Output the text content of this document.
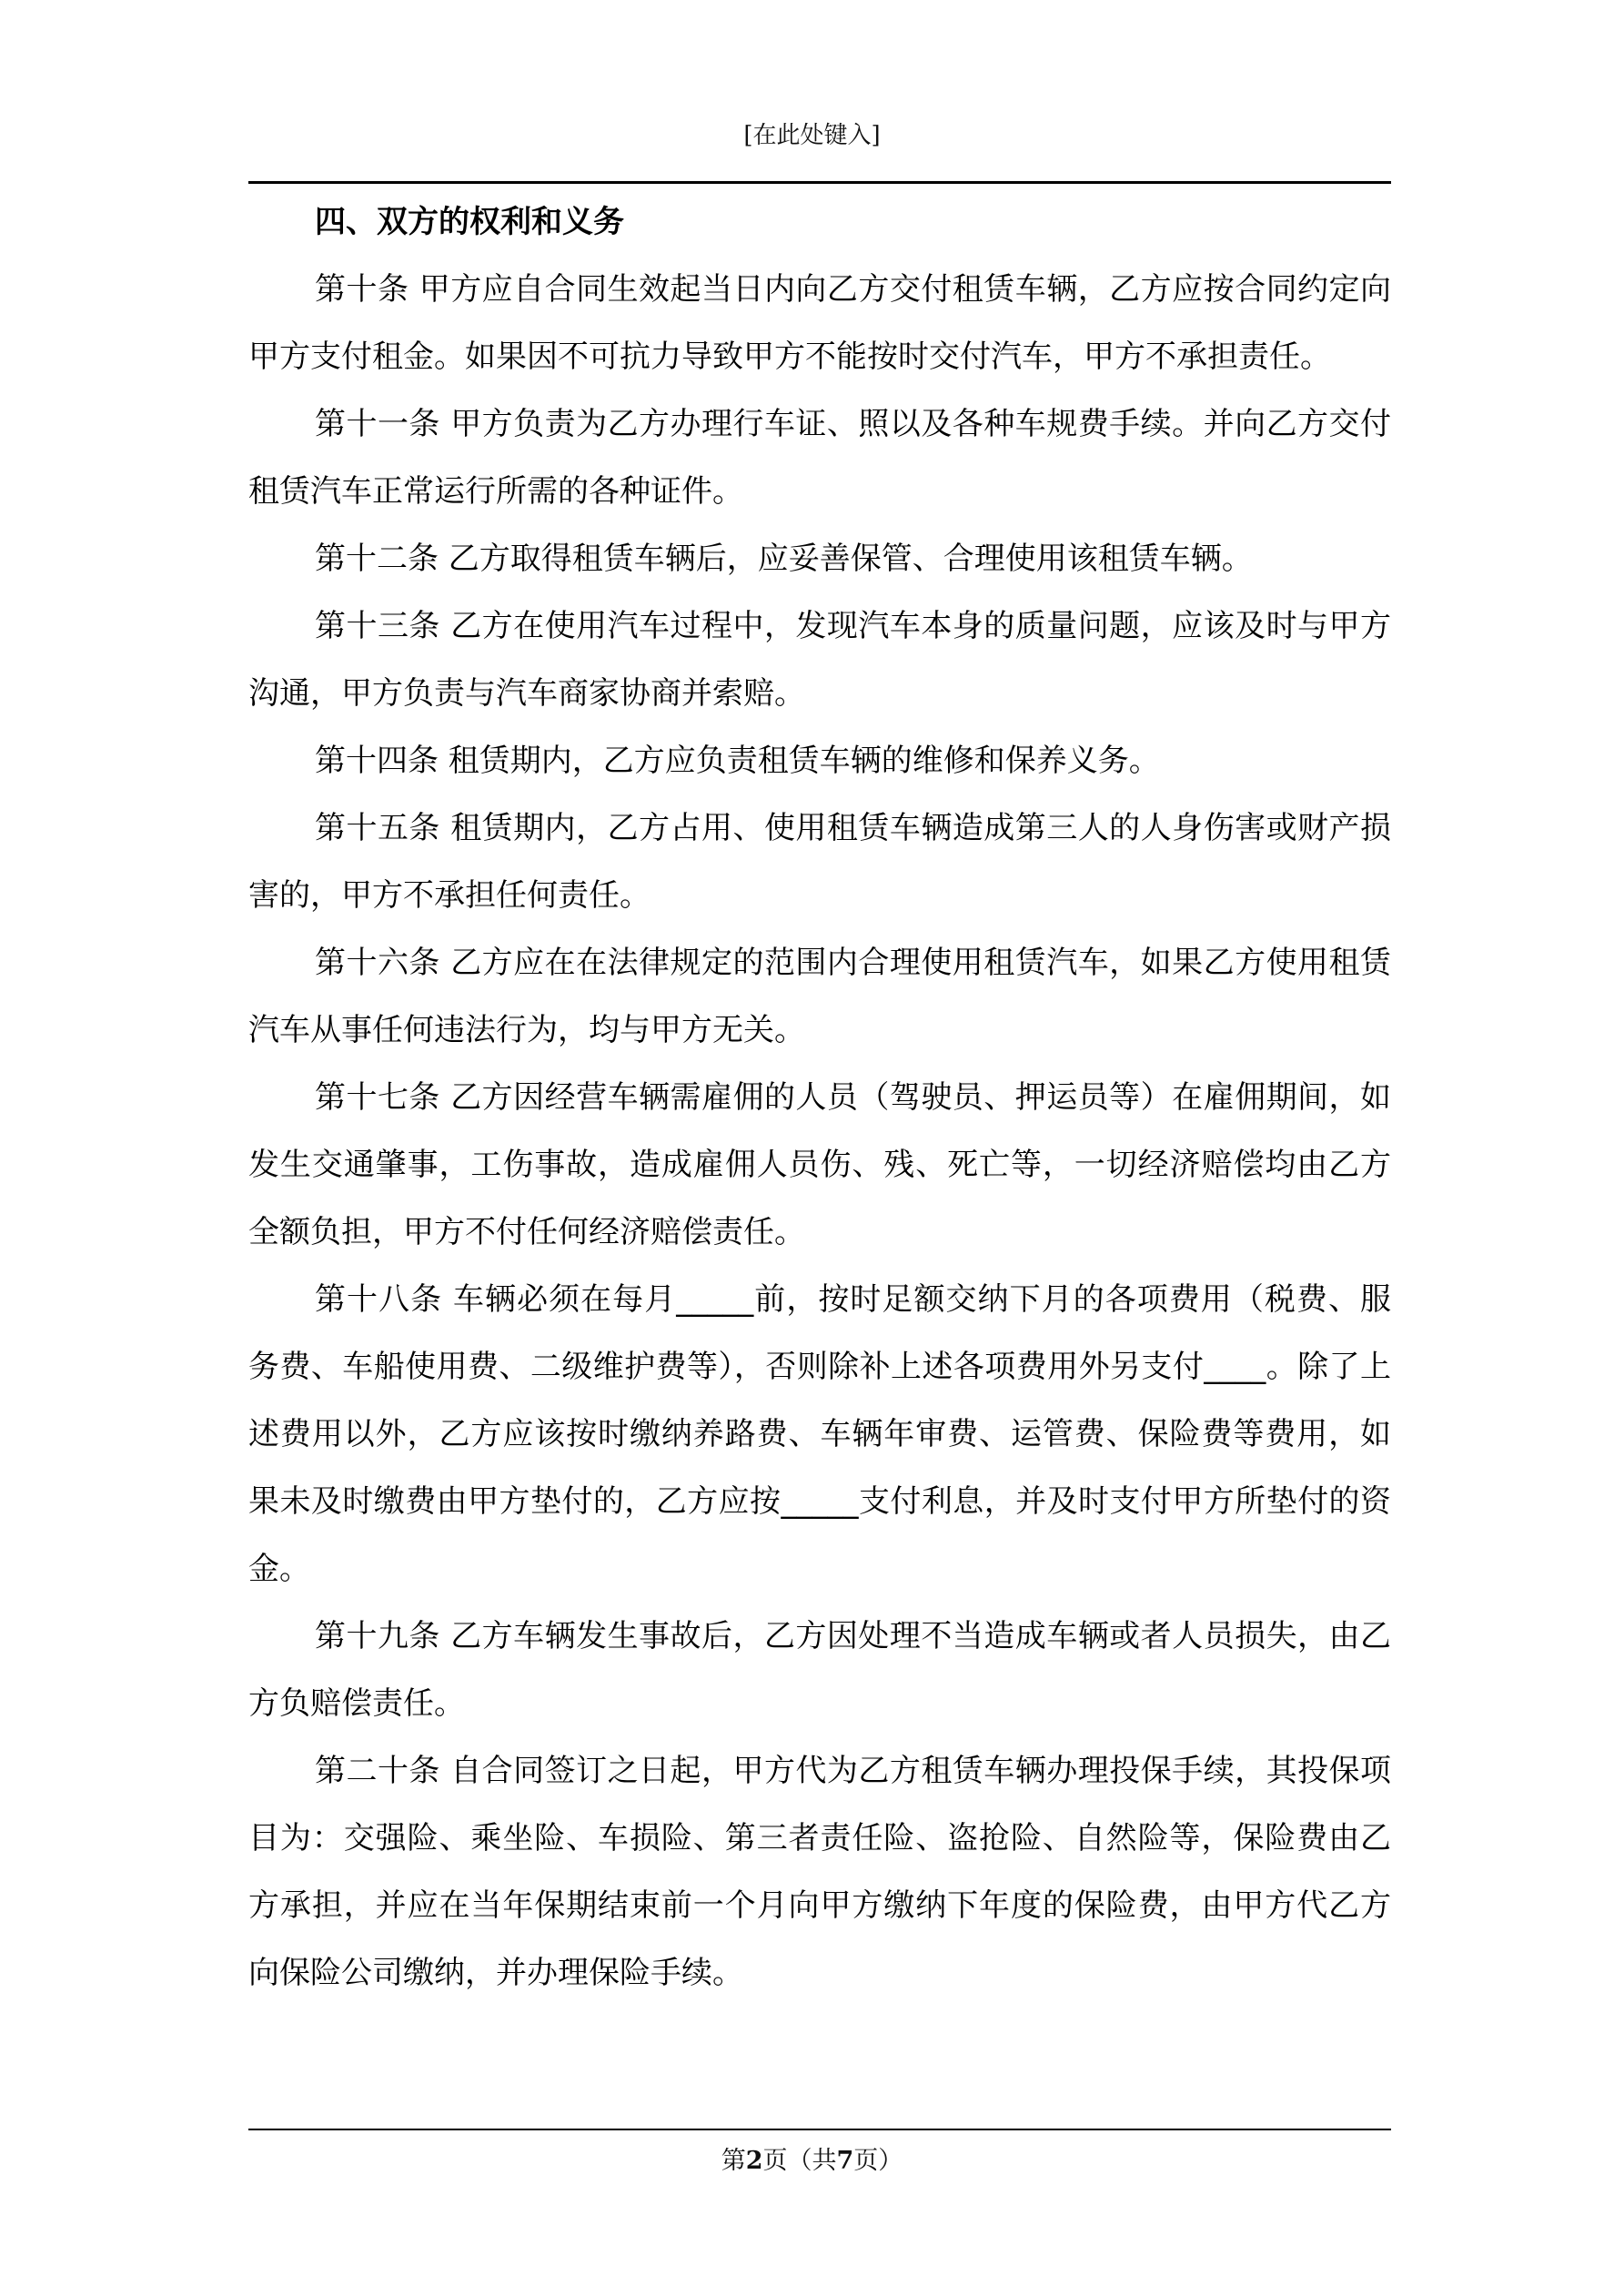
[在此处键入]

四、双方的权利和义务

第十条 甲方应自合同生效起当日内向乙方交付租赁车辆，乙方应按合同约定向甲方支付租金。如果因不可抗力导致甲方不能按时交付汽车，甲方不承担责任。

第十一条 甲方负责为乙方办理行车证、照以及各种车规费手续。并向乙方交付租赁汽车正常运行所需的各种证件。

第十二条 乙方取得租赁车辆后，应妥善保管、合理使用该租赁车辆。

第十三条 乙方在使用汽车过程中，发现汽车本身的质量问题，应该及时与甲方沟通，甲方负责与汽车商家协商并索赔。

第十四条 租赁期内，乙方应负责租赁车辆的维修和保养义务。

第十五条 租赁期内，乙方占用、使用租赁车辆造成第三人的人身伤害或财产损害的，甲方不承担任何责任。

第十六条 乙方应在在法律规定的范围内合理使用租赁汽车，如果乙方使用租赁汽车从事任何违法行为，均与甲方无关。

第十七条 乙方因经营车辆需雇佣的人员（驾驶员、押运员等）在雇佣期间，如发生交通肇事，工伤事故，造成雇佣人员伤、残、死亡等，一切经济赔偿均由乙方全额负担，甲方不付任何经济赔偿责任。

第十八条 车辆必须在每月_____前，按时足额交纳下月的各项费用（税费、服务费、车船使用费、二级维护费等），否则除补上述各项费用外另支付____。除了上述费用以外，乙方应该按时缴纳养路费、车辆年审费、运管费、保险费等费用，如果未及时缴费由甲方垫付的，乙方应按_____支付利息，并及时支付甲方所垫付的资金。

第十九条 乙方车辆发生事故后，乙方因处理不当造成车辆或者人员损失，由乙方负赔偿责任。

第二十条 自合同签订之日起，甲方代为乙方租赁车辆办理投保手续，其投保项目为：交强险、乘坐险、车损险、第三者责任险、盗抢险、自然险等，保险费由乙方承担，并应在当年保期结束前一个月向甲方缴纳下年度的保险费，由甲方代乙方向保险公司缴纳，并办理保险手续。

第2页（共7页）
